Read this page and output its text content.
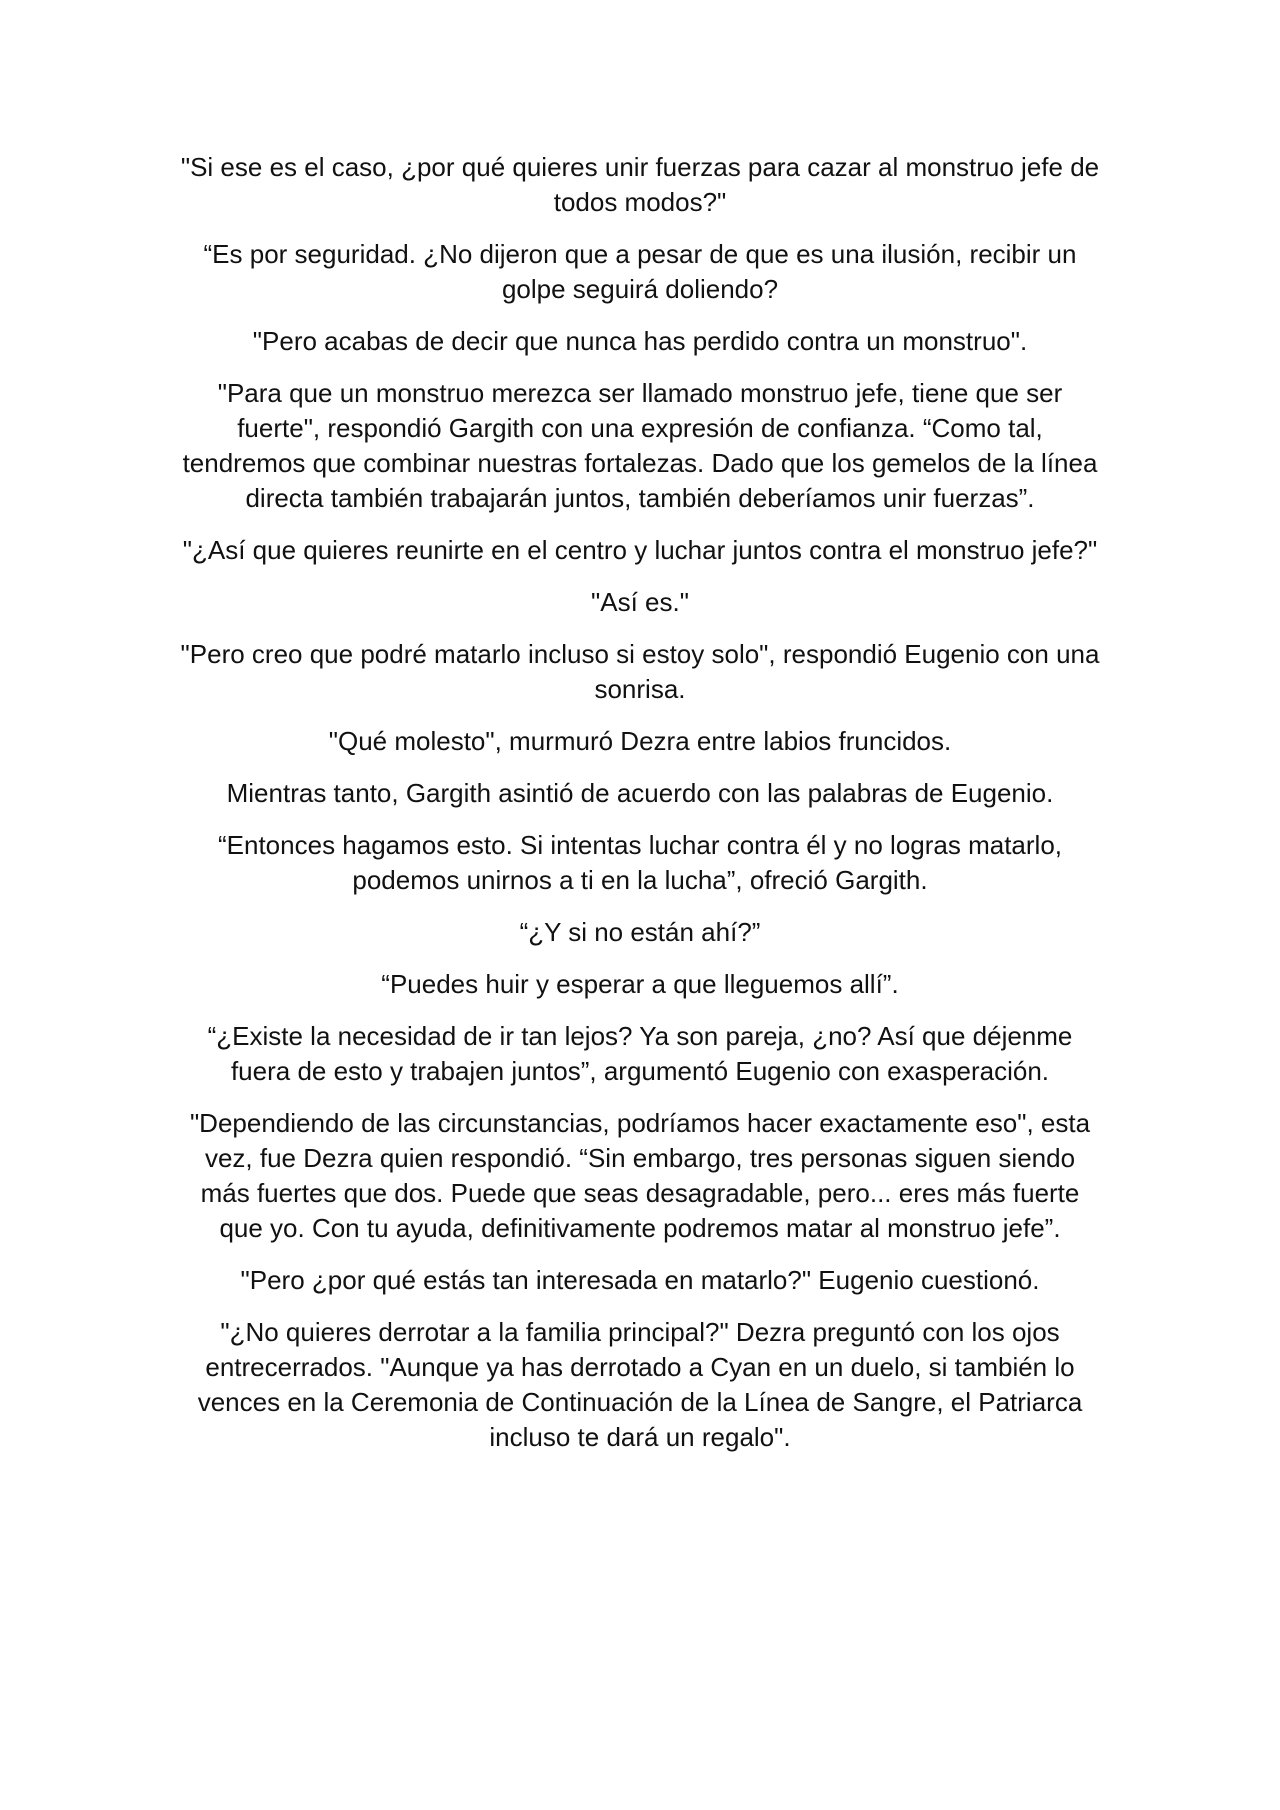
"Si ese es el caso, ¿por qué quieres unir fuerzas para cazar al monstruo jefe de todos modos?"

“Es por seguridad. ¿No dijeron que a pesar de que es una ilusión, recibir un golpe seguirá doliendo?

"Pero acabas de decir que nunca has perdido contra un monstruo".

"Para que un monstruo merezca ser llamado monstruo jefe, tiene que ser fuerte", respondió Gargith con una expresión de confianza. “Como tal, tendremos que combinar nuestras fortalezas. Dado que los gemelos de la línea directa también trabajarán juntos, también deberíamos unir fuerzas”.

"¿Así que quieres reunirte en el centro y luchar juntos contra el monstruo jefe?"

"Así es."

"Pero creo que podré matarlo incluso si estoy solo", respondió Eugenio con una sonrisa.

"Qué molesto", murmuró Dezra entre labios fruncidos.

Mientras tanto, Gargith asintió de acuerdo con las palabras de Eugenio.

“Entonces hagamos esto. Si intentas luchar contra él y no logras matarlo, podemos unirnos a ti en la lucha”, ofreció Gargith.

“¿Y si no están ahí?”

“Puedes huir y esperar a que lleguemos allí”.

“¿Existe la necesidad de ir tan lejos? Ya son pareja, ¿no? Así que déjenme fuera de esto y trabajen juntos”, argumentó Eugenio con exasperación.

"Dependiendo de las circunstancias, podríamos hacer exactamente eso", esta vez, fue Dezra quien respondió. “Sin embargo, tres personas siguen siendo más fuertes que dos. Puede que seas desagradable, pero... eres más fuerte que yo. Con tu ayuda, definitivamente podremos matar al monstruo jefe”.

"Pero ¿por qué estás tan interesada en matarlo?" Eugenio cuestionó.

"¿No quieres derrotar a la familia principal?" Dezra preguntó con los ojos entrecerrados. "Aunque ya has derrotado a Cyan en un duelo, si también lo vences en la Ceremonia de Continuación de la Línea de Sangre, el Patriarca incluso te dará un regalo".
